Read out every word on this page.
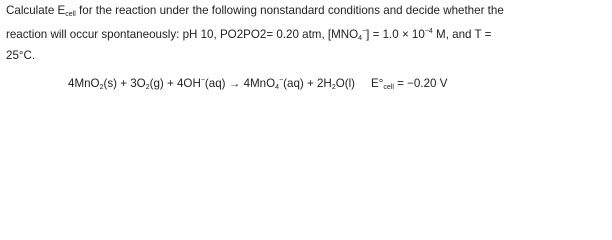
Calculate $E_{cell}$ for the reaction under the following nonstandard conditions and decide whether the
reaction will occur spontaneously: pH 10, PO2PO2= 0.20 atm, $[MNO_4^-] = 1.0 \times 10^{-4}$ M, and T =
25°C.
$4MnO_2(s) + 3O_2(g) + 4OH^-(aq) \to 4MnO_4^-(aq) + 2H_2O(l) E^\circ_{cell} = -0.20$ V
